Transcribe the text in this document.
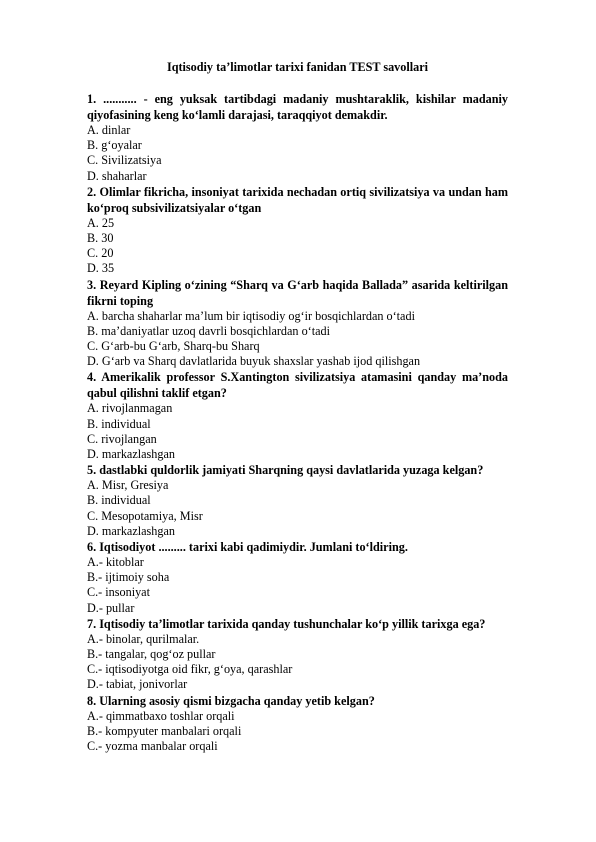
Iqtisodiy ta’limotlar tarixi fanidan TEST savollari

1. ........... - eng yuksak tartibdagi madaniy mushtaraklik, kishilar madaniy qiyofasining keng ko‘lamli darajasi, taraqqiyot demakdir.

A. dinlar

B. g‘oyalar

C. Sivilizatsiya

D. shaharlar

2. Olimlar fikricha, insoniyat tarixida nechadan ortiq sivilizatsiya va undan ham ko‘proq subsivilizatsiyalar o‘tgan

A. 25

B. 30

C. 20

D. 35

3. Reyard Kipling o‘zining “Sharq va G‘arb haqida Ballada” asarida keltirilgan fikrni toping

A. barcha shaharlar ma’lum bir iqtisodiy og‘ir bosqichlardan o‘tadi

B. ma’daniyatlar uzoq davrli bosqichlardan o‘tadi

C. G‘arb-bu G‘arb, Sharq-bu Sharq

D. G‘arb va Sharq davlatlarida buyuk shaxslar yashab ijod qilishgan

4. Amerikalik professor S.Xantington sivilizatsiya atamasini qanday ma’noda qabul qilishni taklif etgan?

A. rivojlanmagan

B. individual

C. rivojlangan

D. markazlashgan

5. dastlabki quldorlik jamiyati Sharqning qaysi davlatlarida yuzaga kelgan?

A. Misr, Gresiya

B. individual

C. Mesopotamiya, Misr

D. markazlashgan

6. Iqtisodiyot ......... tarixi kabi qadimiydir. Jumlani to‘ldiring.

A.- kitoblar

B.- ijtimoiy soha

C.- insoniyat

D.- pullar

7. Iqtisodiy ta’limotlar tarixida qanday tushunchalar ko‘p yillik tarixga ega?

A.- binolar, qurilmalar.

B.- tangalar, qog‘oz pullar

C.- iqtisodiyotga oid fikr, g‘oya, qarashlar

D.- tabiat, jonivorlar

8. Ularning asosiy qismi bizgacha qanday yetib kelgan?

A.- qimmatbaxo toshlar orqali

B.- kompyuter manbalari orqali

C.- yozma manbalar orqali
